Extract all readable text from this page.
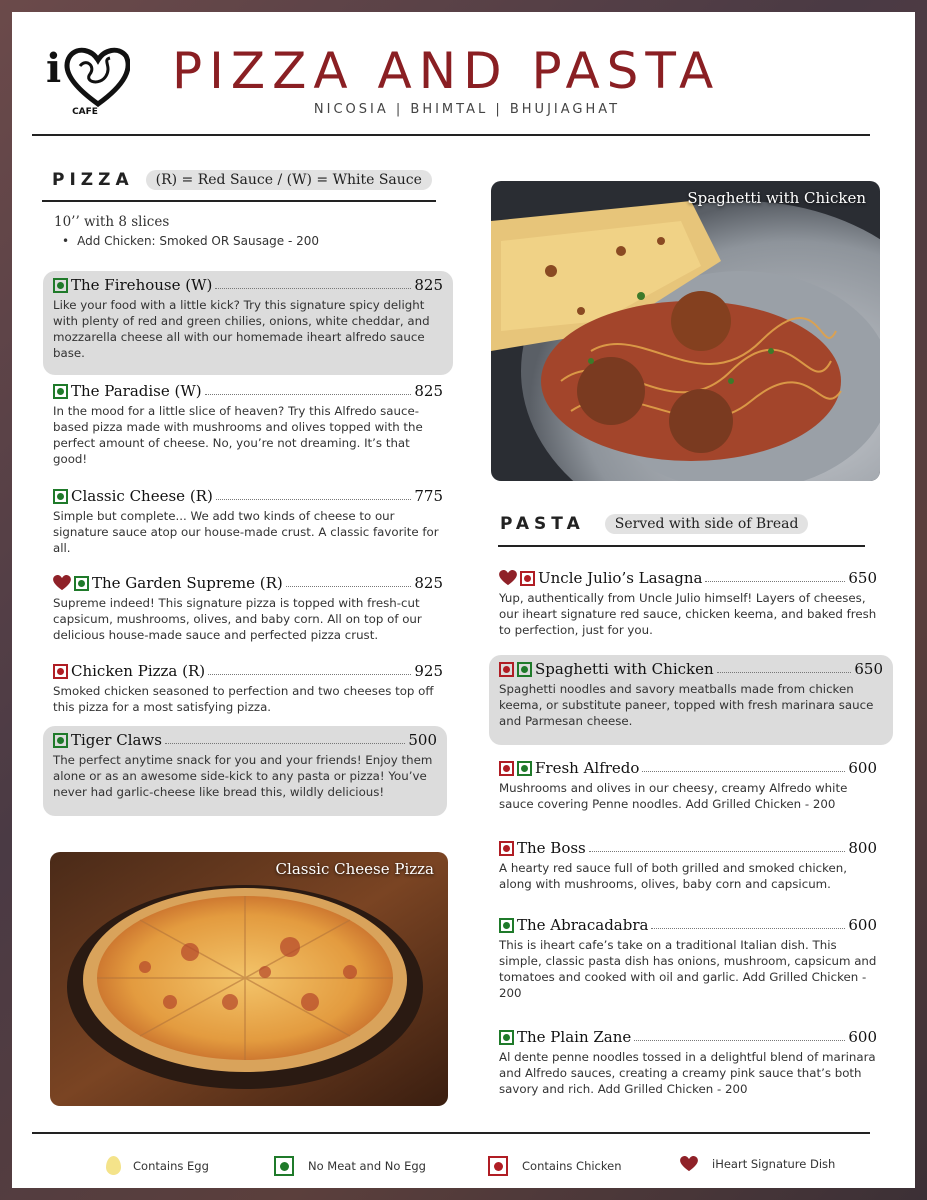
i
CAFE
PIZZA AND PASTA
NICOSIA | BHIMTAL | BHUJIAGHAT
PIZZA	(R) = Red Sauce / (W) = White Sauce
10’’ with 8 slices
• Add Chicken: Smoked OR Sausage - 200
The Firehouse (W)	825
Like your food with a little kick? Try this signature spicy delight with plenty of red and green chilies, onions, white cheddar, and mozzarella cheese all with our homemade iheart alfredo sauce base.
The Paradise (W)	825
In the mood for a little slice of heaven? Try this Alfredo sauce-based pizza made with mushrooms and olives topped with the perfect amount of cheese. No, you’re not dreaming. It’s that good!
Classic Cheese (R)	775
Simple but complete... We add two kinds of cheese to our signature sauce atop our house-made crust. A classic favorite for all.
The Garden Supreme (R)	825
Supreme indeed! This signature pizza is topped with fresh-cut capsicum, mushrooms, olives, and baby corn. All on top of our delicious house-made sauce and perfected pizza crust.
Chicken Pizza (R)	925
Smoked chicken seasoned to perfection and two cheeses top off this pizza for a most satisfying pizza.
Tiger Claws	500
The perfect anytime snack for you and your friends! Enjoy them alone or as an awesome side-kick to any pasta or pizza! You’ve never had garlic-cheese like bread this, wildly delicious!
Classic Cheese Pizza
Spaghetti with Chicken
PASTA	Served with side of Bread
Uncle Julio’s Lasagna	650
Yup, authentically from Uncle Julio himself! Layers of cheeses, our iheart signature red sauce, chicken keema, and baked fresh to perfection, just for you.
Spaghetti with Chicken	650
Spaghetti noodles and savory meatballs made from chicken keema, or substitute paneer, topped with fresh marinara sauce and Parmesan cheese.
Fresh Alfredo	600
Mushrooms and olives in our cheesy, creamy Alfredo white sauce covering Penne noodles. Add Grilled Chicken - 200
The Boss	800
A hearty red sauce full of both grilled and smoked chicken, along with mushrooms, olives, baby corn and capsicum.
The Abracadabra	600
This is iheart cafe’s take on a traditional Italian dish. This simple, classic pasta dish has onions, mushroom, capsicum and tomatoes and cooked with oil and garlic. Add Grilled Chicken - 200
The Plain Zane	600
Al dente penne noodles tossed in a delightful blend of marinara and Alfredo sauces, creating a creamy pink sauce that’s both savory and rich. Add Grilled Chicken - 200
Contains Egg	No Meat and No Egg	Contains Chicken	iHeart Signature Dish
